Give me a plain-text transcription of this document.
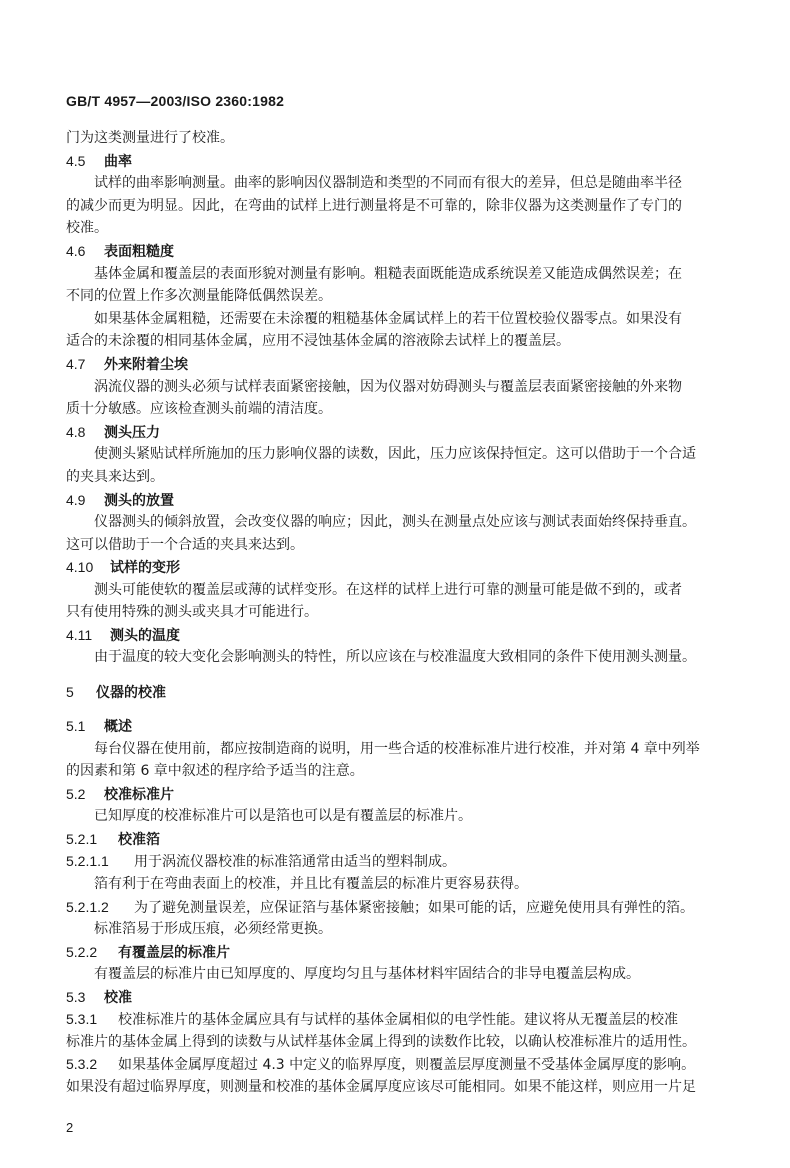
GB/T 4957—2003/ISO 2360:1982
门为这类测量进行了校准。
4.5 曲率
试样的曲率影响测量。曲率的影响因仪器制造和类型的不同而有很大的差异，但总是随曲率半径
的减少而更为明显。因此，在弯曲的试样上进行测量将是不可靠的，除非仪器为这类测量作了专门的
校准。
4.6 表面粗糙度
基体金属和覆盖层的表面形貌对测量有影响。粗糙表面既能造成系统误差又能造成偶然误差；在
不同的位置上作多次测量能降低偶然误差。
如果基体金属粗糙，还需要在未涂覆的粗糙基体金属试样上的若干位置校验仪器零点。如果没有
适合的未涂覆的相同基体金属，应用不浸蚀基体金属的溶液除去试样上的覆盖层。
4.7 外来附着尘埃
涡流仪器的测头必须与试样表面紧密接触，因为仪器对妨碍测头与覆盖层表面紧密接触的外来物
质十分敏感。应该检查测头前端的清洁度。
4.8 测头压力
使测头紧贴试样所施加的压力影响仪器的读数，因此，压力应该保持恒定。这可以借助于一个合适
的夹具来达到。
4.9 测头的放置
仪器测头的倾斜放置，会改变仪器的响应；因此，测头在测量点处应该与测试表面始终保持垂直。
这可以借助于一个合适的夹具来达到。
4.10 试样的变形
测头可能使软的覆盖层或薄的试样变形。在这样的试样上进行可靠的测量可能是做不到的，或者
只有使用特殊的测头或夹具才可能进行。
4.11 测头的温度
由于温度的较大变化会影响测头的特性，所以应该在与校准温度大致相同的条件下使用测头测量。
5 仪器的校准
5.1 概述
每台仪器在使用前，都应按制造商的说明，用一些合适的校准标准片进行校准，并对第 4 章中列举
的因素和第 6 章中叙述的程序给予适当的注意。
5.2 校准标准片
已知厚度的校准标准片可以是箔也可以是有覆盖层的标准片。
5.2.1 校准箔
5.2.1.1 用于涡流仪器校准的标准箔通常由适当的塑料制成。
箔有利于在弯曲表面上的校准，并且比有覆盖层的标准片更容易获得。
5.2.1.2 为了避免测量误差，应保证箔与基体紧密接触；如果可能的话，应避免使用具有弹性的箔。
标准箔易于形成压痕，必须经常更换。
5.2.2 有覆盖层的标准片
有覆盖层的标准片由已知厚度的、厚度均匀且与基体材料牢固结合的非导电覆盖层构成。
5.3 校准
5.3.1 校准标准片的基体金属应具有与试样的基体金属相似的电学性能。建议将从无覆盖层的校准
标准片的基体金属上得到的读数与从试样基体金属上得到的读数作比较，以确认校准标准片的适用性。
5.3.2 如果基体金属厚度超过 4.3 中定义的临界厚度，则覆盖层厚度测量不受基体金属厚度的影响。
如果没有超过临界厚度，则测量和校准的基体金属厚度应该尽可能相同。如果不能这样，则应用一片足
2
